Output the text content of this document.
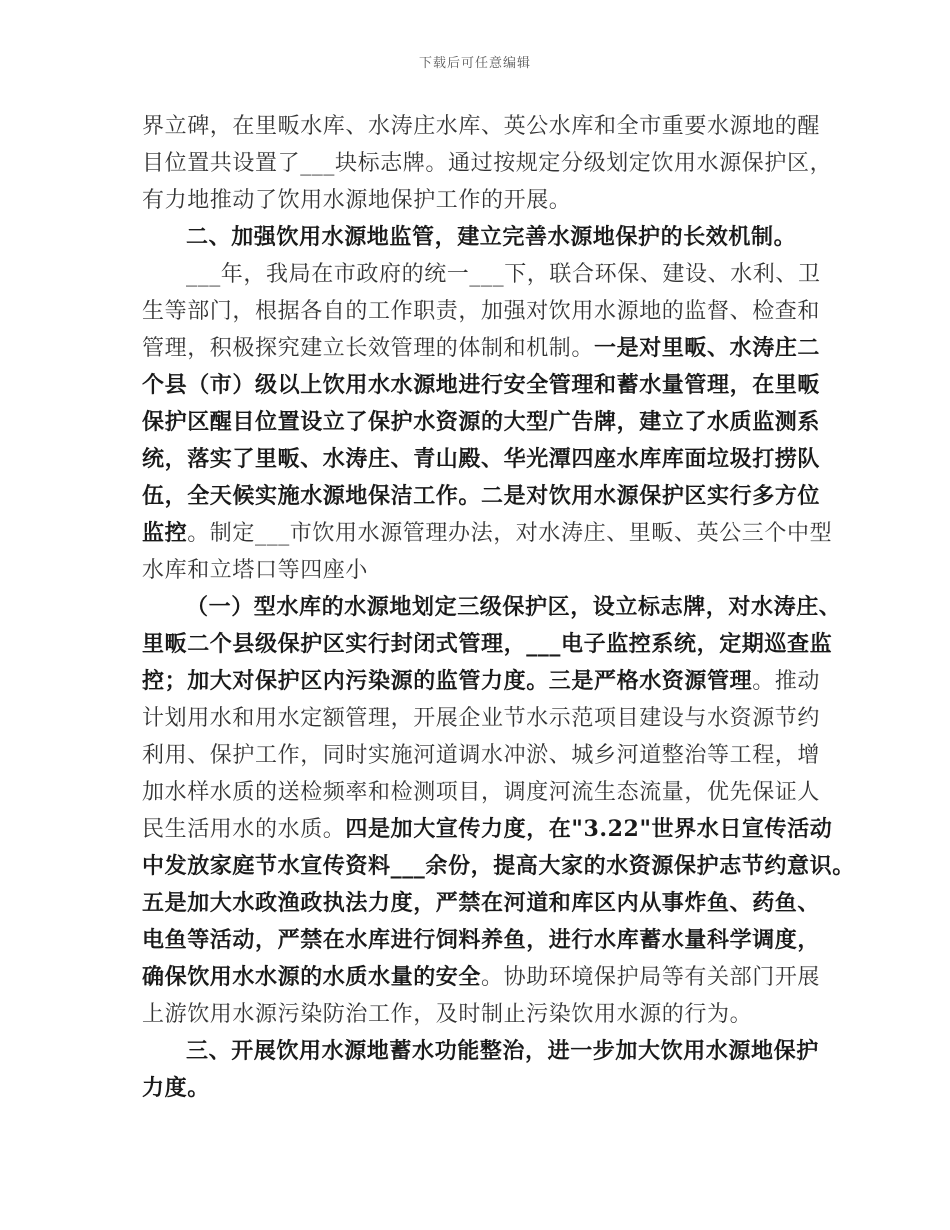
下载后可任意编辑
界立碑，在里畈水库、水涛庄水库、英公水库和全市重要水源地的醒
目位置共设置了___块标志牌。通过按规定分级划定饮用水源保护区，
有力地推动了饮用水源地保护工作的开展。
二、加强饮用水源地监管，建立完善水源地保护的长效机制。
___年，我局在市政府的统一___下，联合环保、建设、水利、卫
生等部门，根据各自的工作职责，加强对饮用水源地的监督、检查和
管理，积极探究建立长效管理的体制和机制。一是对里畈、水涛庄二
个县（市）级以上饮用水水源地进行安全管理和蓄水量管理，在里畈
保护区醒目位置设立了保护水资源的大型广告牌，建立了水质监测系
统，落实了里畈、水涛庄、青山殿、华光潭四座水库库面垃圾打捞队
伍，全天候实施水源地保洁工作。二是对饮用水源保护区实行多方位
监控。制定___市饮用水源管理办法，对水涛庄、里畈、英公三个中型
水库和立塔口等四座小
（一）型水库的水源地划定三级保护区，设立标志牌，对水涛庄、
里畈二个县级保护区实行封闭式管理，___电子监控系统，定期巡查监
控；加大对保护区内污染源的监管力度。三是严格水资源管理。推动
计划用水和用水定额管理，开展企业节水示范项目建设与水资源节约
利用、保护工作，同时实施河道调水冲淤、城乡河道整治等工程，增
加水样水质的送检频率和检测项目，调度河流生态流量，优先保证人
民生活用水的水质。四是加大宣传力度，在"3.22"世界水日宣传活动
中发放家庭节水宣传资料___余份，提高大家的水资源保护志节约意识。
五是加大水政渔政执法力度，严禁在河道和库区内从事炸鱼、药鱼、
电鱼等活动，严禁在水库进行饲料养鱼，进行水库蓄水量科学调度，
确保饮用水水源的水质水量的安全。协助环境保护局等有关部门开展
上游饮用水源污染防治工作，及时制止污染饮用水源的行为。
三、开展饮用水源地蓄水功能整治，进一步加大饮用水源地保护
力度。
